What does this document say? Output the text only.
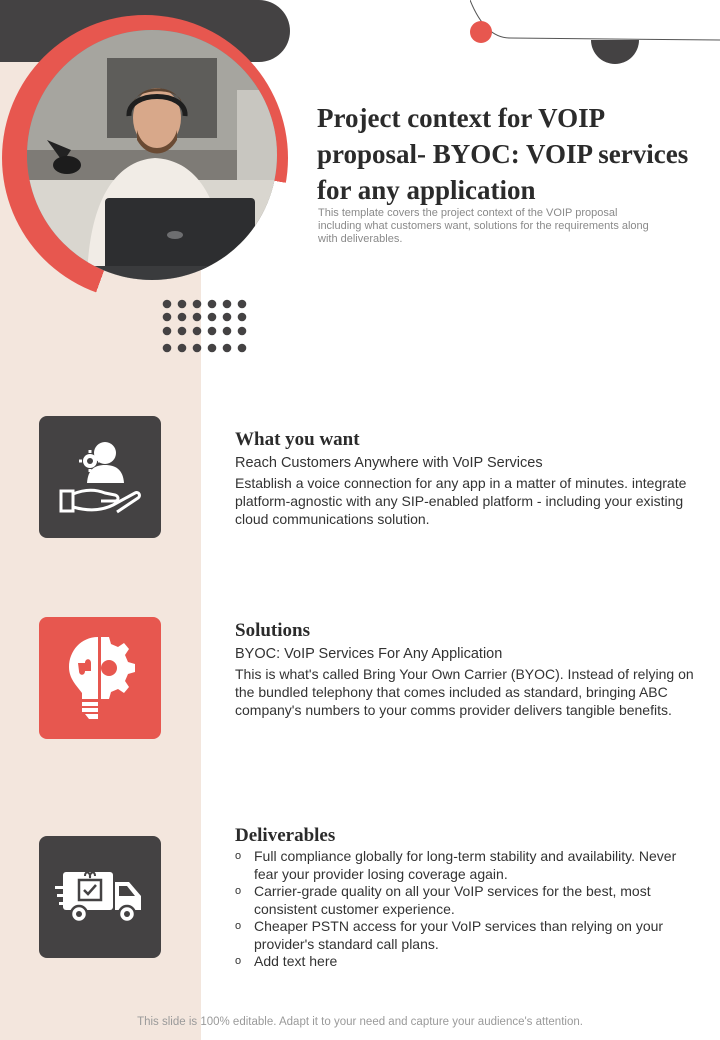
Project context for VOIP proposal- BYOC: VOIP services for any application

This template covers the project context of the VOIP proposal including what customers want, solutions for the requirements along with deliverables.

What you want

Reach Customers Anywhere with VoIP Services

Establish a voice connection for any app in a matter of minutes. integrate platform-agnostic with any SIP-enabled platform - including your existing cloud communications solution.

Solutions

BYOC: VoIP Services For Any Application

This is what's called Bring Your Own Carrier (BYOC). Instead of relying on the bundled telephony that comes included as standard, bringing ABC company's numbers to your comms provider delivers tangible benefits.

Deliverables
o Full compliance globally for long-term stability and availability. Never fear your provider losing coverage again.
o Carrier-grade quality on all your VoIP services for the best, most consistent customer experience.
o Cheaper PSTN access for your VoIP services than relying on your provider's standard call plans.
o Add text here
This slide is 100% editable. Adapt it to your need and capture your audience's attention.
